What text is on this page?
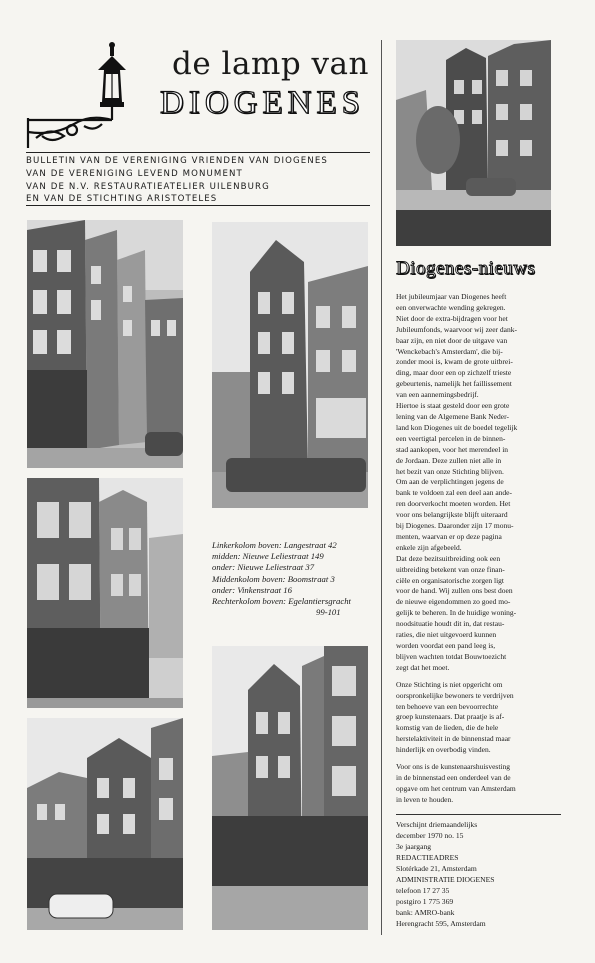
de lamp van
DIOGENES
BULLETIN VAN DE VERENIGING VRIENDEN VAN DIOGENES
VAN DE VERENIGING LEVEND MONUMENT
VAN DE N.V. RESTAURATIEATELIER UILENBURG
EN VAN DE STICHTING ARISTOTELES
Linkerkolom boven: Langestraat 42
midden: Nieuwe Leliestraat 149
onder: Nieuwe Leliestraat 37
Middenkolom boven: Boomstraat 3
onder: Vinkenstraat 16
Rechterkolom boven: Egelantiersgracht
99-101
Diogenes-nieuws

Het jubileumjaar van Diogenes heeft
een onverwachte wending gekregen.
Niet door de extra-bijdragen voor het
Jubileumfonds, waarvoor wij zeer dank-
baar zijn, en niet door de uitgave van
'Wenckebach's Amsterdam', die bij-
zonder mooi is, kwam de grote uitbrei-
ding, maar door een op zichzelf trieste
gebeurtenis, namelijk het faillissement
van een aannemingsbedrijf.
Hiertoe is staat gesteld door een grote
lening van de Algemene Bank Neder-
land kon Diogenes uit de boedel tegelijk
een veertigtal percelen in de binnen-
stad aankopen, voor het merendeel in
de Jordaan. Deze zullen niet alle in
het bezit van onze Stichting blijven.
Om aan de verplichtingen jegens de
bank te voldoen zal een deel aan ande-
ren doorverkocht moeten worden. Het
voor ons belangrijkste blijft uiteraard
bij Diogenes. Daaronder zijn 17 monu-
menten, waarvan er op deze pagina
enkele zijn afgebeeld.
Dat deze bezitsuitbreiding ook een
uitbreiding betekent van onze finan-
ciële en organisatorische zorgen ligt
voor de hand. Wij zullen ons best doen
de nieuwe eigendommen zo goed mo-
gelijk te beheren. In de huidige woning-
noodsituatie houdt dit in, dat restau-
raties, die niet uitgevoerd kunnen
worden voordat een pand leeg is,
blijven wachten totdat Bouwtoezicht
zegt dat het moet.

Onze Stichting is niet opgericht om
oorspronkelijke bewoners te verdrijven
ten behoeve van een bevoorrechte
groep kunstenaars. Dat praatje is af-
komstig van de lieden, die de hele
herstelaktiviteit in de binnenstad maar
hinderlijk en overbodig vinden.

Voor ons is de kunstenaarshuisvesting
in de binnenstad een onderdeel van de
opgave om het centrum van Amsterdam
in leven te houden.

Verschijnt driemaandelijks
december 1970 no. 15
3e jaargang
REDACTIEADRES
Slotérkade 21, Amsterdam
ADMINISTRATIE DIOGENES
telefoon 17 27 35
postgiro 1 775 369
bank: AMRO-bank
Herengracht 595, Amsterdam
